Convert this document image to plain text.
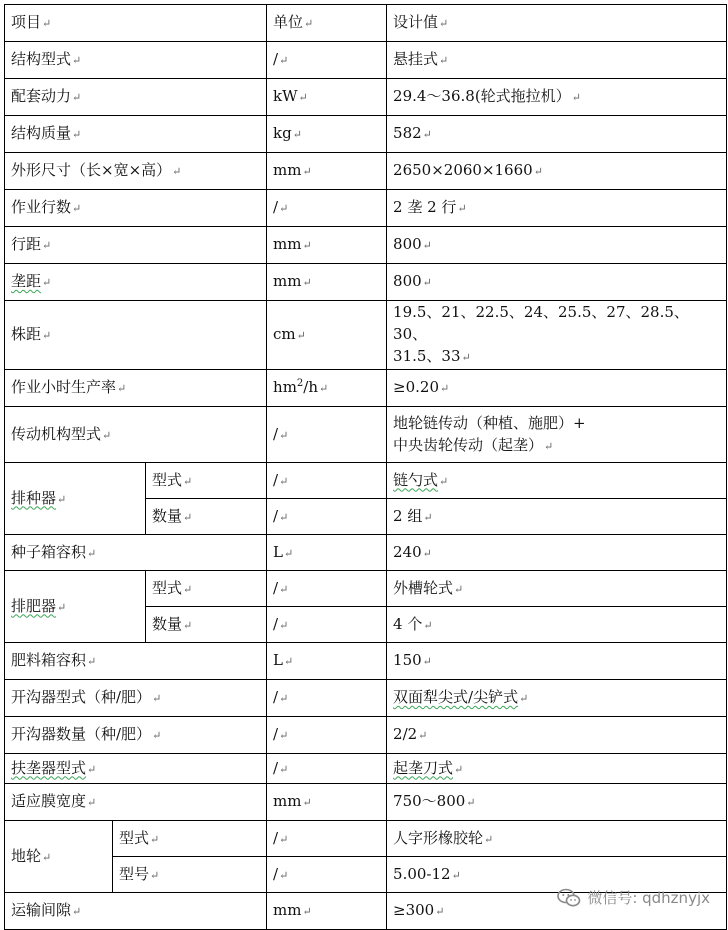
项目↵			单位↵	设计值↵
结构型式↵			/↵	悬挂式↵
配套动力↵			kW↵	29.4～36.8(轮式拖拉机）↵
结构质量↵			kg↵	582↵
外形尺寸（长×宽×高）↵			mm↵	2650×2060×1660↵
作业行数↵			/↵	2 垄 2 行↵
行距↵			mm↵	800↵
垄距↵			mm↵	800↵
株距↵			cm↵	19.5、21、22.5、24、25.5、27、28.5、30、
31.5、33↵

作业小时生产率↵			$hm^2/h↵$	≥0.20↵
传动机构型式↵			/↵	地轮链传动（种植、施肥）+
中央齿轮传动（起垄）↵

排种器↵		型式↵	/↵	链勺式↵
		数量↵	/↵	2 组↵
种子箱容积↵			L↵	240↵
排肥器↵		型式↵	/↵	外槽轮式↵
		数量↵	/↵	4 个↵
肥料箱容积↵			L↵	150↵
开沟器型式（种/肥）↵			/↵	双面犁尖式/尖铲式↵
开沟器数量（种/肥）↵			/↵	2/2↵
扶垄器型式↵			/↵	起垄刀式↵
适应膜宽度↵			mm↵	750～800↵
地轮↵	型式↵		/↵	人字形橡胶轮↵
	型号↵		/↵	5.00-12↵
运输间隙↵			mm↵	≥300↵
微信号: qdhznyjx
